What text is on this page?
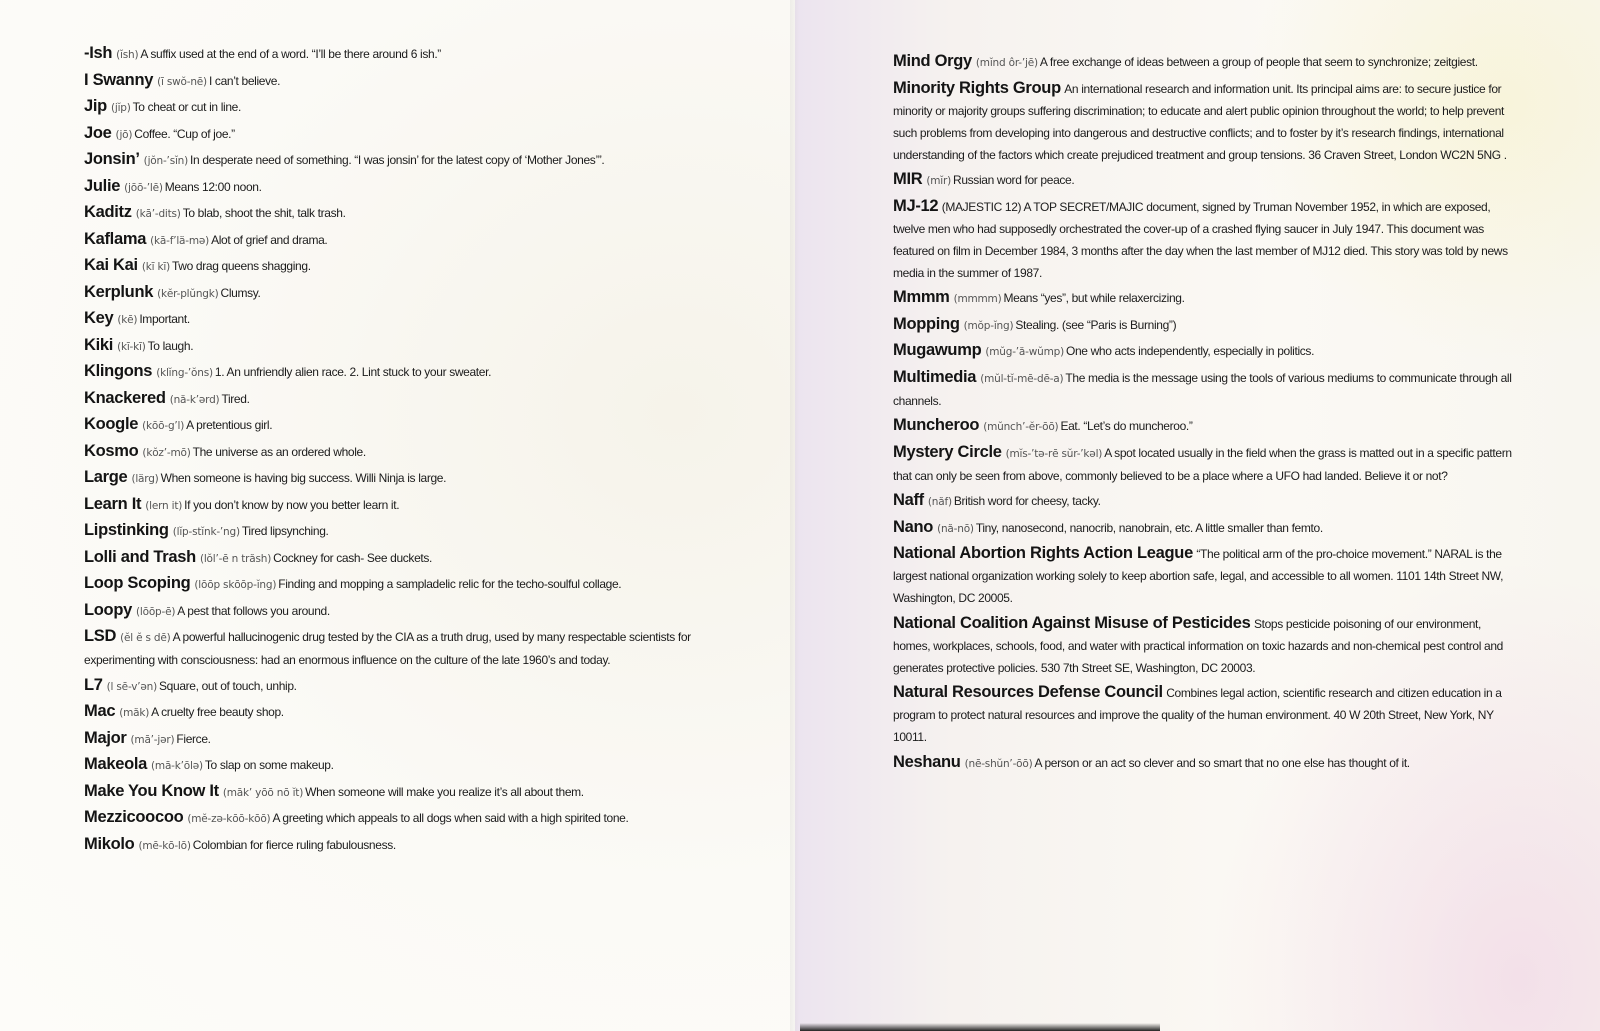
-Ish (ĭsh) A suffix used at the end of a word. “I’ll be there around 6 ish.”
I Swanny (ī swŏ-nē) I can’t believe.
Jip (jĭp) To cheat or cut in line.
Joe (jō) Coffee. “Cup of joe.”
Jonsin’ (jŏn-’sĭn) In desperate need of something. “I was jonsin’ for the latest copy of ‘Mother Jones’”.
Julie (jōō-’lē) Means 12:00 noon.
Kaditz (kā’-dits) To blab, shoot the shit, talk trash.
Kaflama (kā-f’lä-mə) Alot of grief and drama.
Kai Kai (kī kī) Two drag queens shagging.
Kerplunk (kĕr-plŭngk) Clumsy.
Key (kē) Important.
Kiki (kī-kī) To laugh.
Klingons (klĭng-’ŏns) 1. An unfriendly alien race. 2. Lint stuck to your sweater.
Knackered (nă-k’ərd) Tired.
Koogle (kōō-g’l) A pretentious girl.
Kosmo (kŏz’-mō) The universe as an ordered whole.
Large (lärg) When someone is having big success. Willi Ninja is large.
Learn It (lern it) If you don’t know by now you better learn it.
Lipstinking (lĭp-stĭnk-’ng) Tired lipsynching.
Lolli and Trash (lŏl’-ē n trăsh) Cockney for cash- See duckets.
Loop Scoping (lōōp skōōp-ĭng) Finding and mopping a sampladelic relic for the techo-soulful collage.
Loopy (lōōp-ē) A pest that follows you around.
LSD (ĕl ĕ s dē) A powerful hallucinogenic drug tested by the CIA as a truth drug, used by many respectable scientists for experimenting with consciousness: had an enormous influence on the culture of the late 1960’s and today.
L7 (l sē-v’ən) Square, out of touch, unhip.
Mac (măk) A cruelty free beauty shop.
Major (mā’-jər) Fierce.
Makeola (mā-k’ōlə) To slap on some makeup.
Make You Know It (māk’ yōō nō ĭt) When someone will make you realize it’s all about them.
Mezzicoocoo (mĕ-zə-kōō-kōō) A greeting which appeals to all dogs when said with a high spirited tone.
Mikolo (mē-kō-lō) Colombian for fierce ruling fabulousness.
Mind Orgy (mĭnd ôr-’jē) A free exchange of ideas between a group of people that seem to synchronize; zeitgiest.
Minority Rights Group An international research and information unit. Its principal aims are: to secure justice for minority or majority groups suffering discrimination; to educate and alert public opinion throughout the world; to help prevent such problems from developing into dangerous and destructive conflicts; and to foster by it’s research findings, international understanding of the factors which create prejudiced treatment and group tensions. 36 Craven Street, London WC2N 5NG .
MIR (mĭr) Russian word for peace.
MJ-12 (MAJESTIC 12) A TOP SECRET/MAJIC document, signed by Truman November 1952, in which are exposed, twelve men who had supposedly orchestrated the cover-up of a crashed flying saucer in July 1947. This document was featured on film in December 1984, 3 months after the day when the last member of MJ12 died. This story was told by news media in the summer of 1987.
Mmmm (mmmm) Means “yes”, but while relaxercizing.
Mopping (mŏp-ĭng) Stealing. (see “Paris is Burning”)
Mugawump (mŭg-’ă-wŭmp) One who acts independently, especially in politics.
Multimedia (mŭl-tĭ-mē-dē-a) The media is the message using the tools of various mediums to communicate through all channels.
Muncheroo (mŭnch’-ĕr-ōō) Eat. “Let’s do muncheroo.”
Mystery Circle (mĭs-’tə-rē sŭr-’kəl) A spot located usually in the field when the grass is matted out in a specific pattern that can only be seen from above, commonly believed to be a place where a UFO had landed. Believe it or not?
Naff (năf) British word for cheesy, tacky.
Nano (nă-nō) Tiny, nanosecond, nanocrib, nanobrain, etc. A little smaller than femto.
National Abortion Rights Action League “The political arm of the pro-choice movement.” NARAL is the largest national organization working solely to keep abortion safe, legal, and accessible to all women. 1101 14th Street NW, Washington, DC 20005.
National Coalition Against Misuse of Pesticides Stops pesticide poisoning of our environment, homes, workplaces, schools, food, and water with practical information on toxic hazards and non-chemical pest control and generates protective policies. 530 7th Street SE, Washington, DC 20003.
Natural Resources Defense Council Combines legal action, scientific research and citizen education in a program to protect natural resources and improve the quality of the human environment. 40 W 20th Street, New York, NY 10011.
Neshanu (nē-shŭn’-ōō) A person or an act so clever and so smart that no one else has thought of it.
